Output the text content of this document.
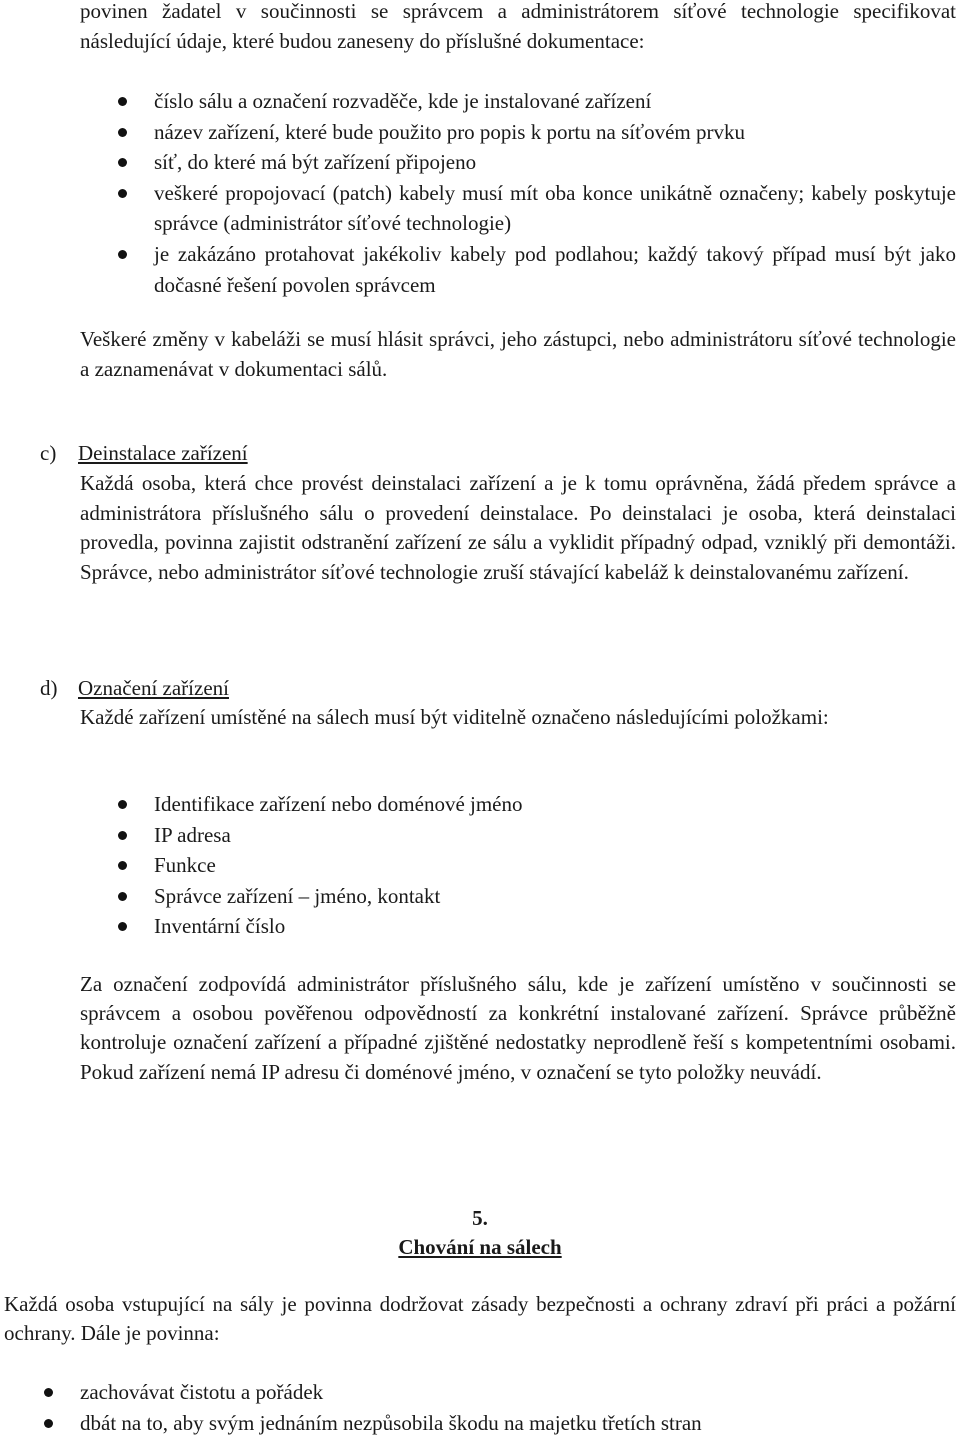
povinen žadatel v součinnosti se správcem a administrátorem síťové technologie specifikovat následující údaje, které budou zaneseny do příslušné dokumentace:

číslo sálu a označení rozvaděče, kde je instalované zařízení
název zařízení, které bude použito pro popis k portu na síťovém prvku
síť, do které má být zařízení připojeno
veškeré propojovací (patch) kabely musí mít oba konce unikátně označeny; kabely poskytuje správce (administrátor síťové technologie)
je zakázáno protahovat jakékoliv kabely pod podlahou; každý takový případ musí být jako dočasné řešení povolen správcem

Veškeré změny v kabeláži se musí hlásit správci, jeho zástupci, nebo administrátoru síťové technologie a zaznamenávat v dokumentaci sálů.

c) Deinstalace zařízení

Každá osoba, která chce provést deinstalaci zařízení a je k tomu oprávněna, žádá předem správce a administrátora příslušného sálu o provedení deinstalace. Po deinstalaci je osoba, která deinstalaci provedla, povinna zajistit odstranění zařízení ze sálu a vyklidit případný odpad, vzniklý při demontáži. Správce, nebo administrátor síťové technologie zruší stávající kabeláž k deinstalovanému zařízení.

d) Označení zařízení

Každé zařízení umístěné na sálech musí být viditelně označeno následujícími položkami:

Identifikace zařízení nebo doménové jméno
IP adresa
Funkce
Správce zařízení – jméno, kontakt
Inventární číslo

Za označení zodpovídá administrátor příslušného sálu, kde je zařízení umístěno v součinnosti se správcem a osobou pověřenou odpovědností za konkrétní instalované zařízení. Správce průběžně kontroluje označení zařízení a případné zjištěné nedostatky neprodleně řeší s kompetentními osobami. Pokud zařízení nemá IP adresu či doménové jméno, v označení se tyto položky neuvádí.

5.
Chování na sálech

Každá osoba vstupující na sály je povinna dodržovat zásady bezpečnosti a ochrany zdraví při práci a požární ochrany. Dále je povinna:

zachovávat čistotu a pořádek
dbát na to, aby svým jednáním nezpůsobila škodu na majetku třetích stran
